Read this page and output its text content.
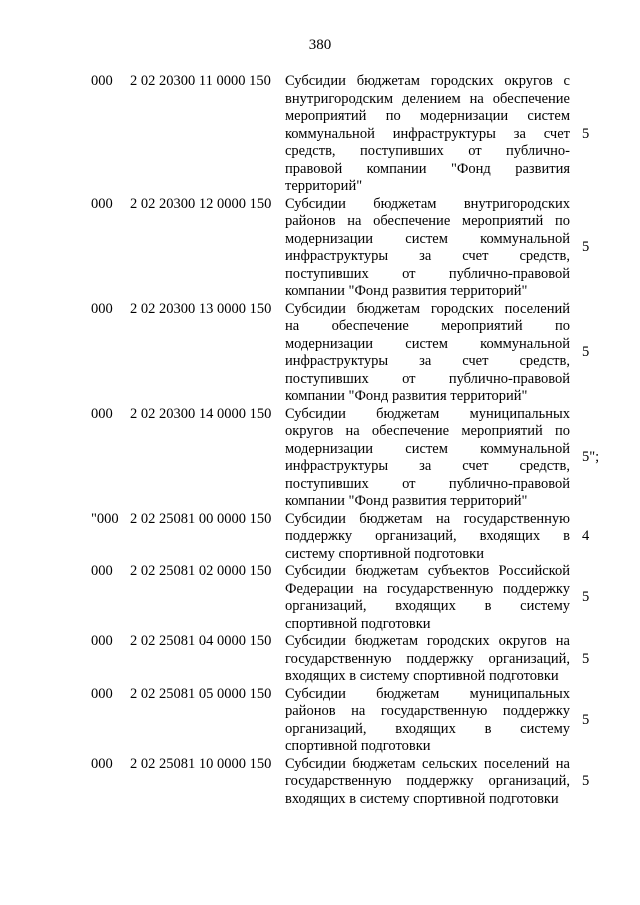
380
000	2 02 20300 11 0000 150 Субсидии бюджетам городских округов с
внутригородским делением на обеспечение
мероприятий по модернизации систем
коммунальной инфраструктуры за счет
средств, поступивших от публично-
правовой компании "Фонд развития
территорий"
5
000	2 02 20300 12 0000 150 Субсидии бюджетам внутригородских
районов на обеспечение мероприятий по
модернизации систем коммунальной
инфраструктуры за счет средств,
поступивших от публично-правовой
компании "Фонд развития территорий"
5
000	2 02 20300 13 0000 150 Субсидии бюджетам городских поселений
на обеспечение мероприятий по
модернизации систем коммунальной
инфраструктуры за счет средств,
поступивших от публично-правовой
компании "Фонд развития территорий"
5
000	2 02 20300 14 0000 150 Субсидии бюджетам муниципальных
округов на обеспечение мероприятий по
модернизации систем коммунальной
инфраструктуры за счет средств,
поступивших от публично-правовой
компании "Фонд развития территорий"
5";
"000 2 02 25081 00 0000 150 Субсидии бюджетам на государственную
поддержку организаций, входящих в
систему спортивной подготовки
4
000	2 02 25081 02 0000 150 Субсидии бюджетам субъектов Российской
Федерации на государственную поддержку
организаций, входящих в систему
спортивной подготовки
5
000	2 02 25081 04 0000 150 Субсидии бюджетам городских округов на
государственную поддержку организаций,
входящих в систему спортивной подготовки
5
000	2 02 25081 05 0000 150 Субсидии бюджетам муниципальных
районов на государственную поддержку
организаций, входящих в систему
спортивной подготовки
5
000	2 02 25081 10 0000 150 Субсидии бюджетам сельских поселений на
государственную поддержку организаций,
входящих в систему спортивной подготовки
5
